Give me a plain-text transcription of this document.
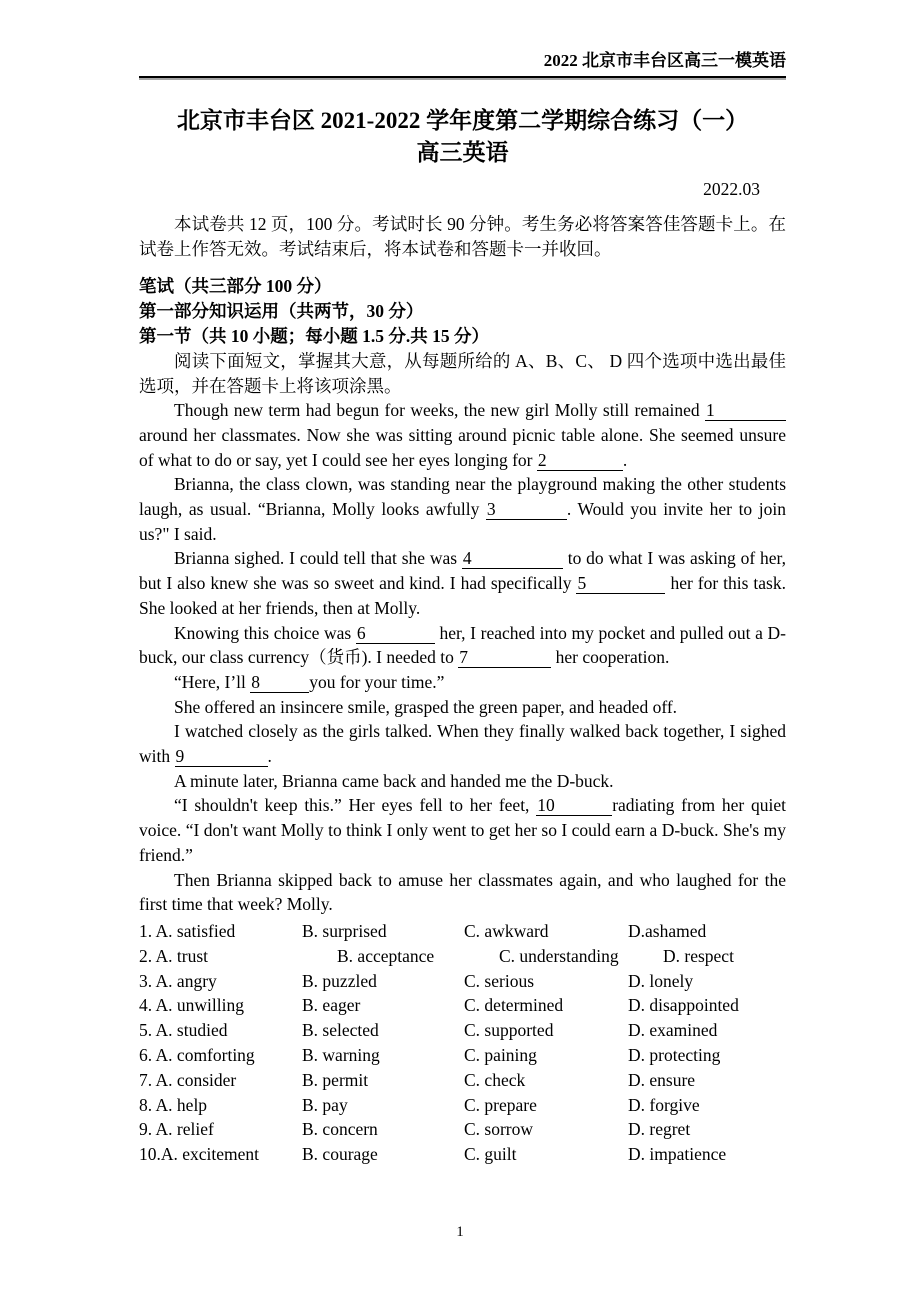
2022 北京市丰台区高三一模英语
北京市丰台区 2021-2022 学年度第二学期综合练习（一）
高三英语
2022.03

本试卷共 12 页，100 分。考试时长 90 分钟。考生务必将答案答佳答题卡上。在试卷上作答无效。考试结束后，将本试卷和答题卡一并收回。

笔试（共三部分 100 分）

第一部分知识运用（共两节，30 分）

第一节（共 10 小题；每小题 1.5 分.共 15 分）

阅读下面短文，掌握其大意，从每题所给的 A、B、C、 D 四个选项中选出最佳选项，并在答题卡上将该项涂黑。

Though new term had begun for weeks, the new girl Molly still remained 1around her classmates. Now she was sitting around picnic table alone. She seemed unsure of what to do or say, yet I could see her eyes longing for 2	.

Brianna, the class clown, was standing near the playground making the other students laugh, as usual. “Brianna, Molly looks awfully 3	. Would you invite her to join us?" I said.

Brianna sighed. I could tell that she was 4	to do what I was asking of her, but I also knew she was so sweet and kind. I had specifically 5	her for this task. She looked at her friends, then at Molly.

Knowing this choice was 6	her, I reached into my pocket and pulled out a D-buck, our class currency（货币). I needed to 7	her cooperation.

“Here, I’ll 8	you for your time.”

She offered an insincere smile, grasped the green paper, and headed off.

I watched closely as the girls talked. When they finally walked back together, I sighed with 9	.

A minute later, Brianna came back and handed me the D-buck.

“I shouldn't keep this.” Her eyes fell to her feet, 10	radiating from her quiet voice. “I don't want Molly to think I only went to get her so I could earn a D-buck. She's my friend.”

Then Brianna skipped back to amuse her classmates again, and who laughed for the first time that week? Molly.

1. A. satisfied	B. surprised	C. awkward	D.ashamed
2. A. trust	B. acceptance	C. understanding	D. respect
3. A. angry	B. puzzled	C. serious	D. lonely
4. A. unwilling	B. eager	C. determined	D. disappointed
5. A. studied	B. selected	C. supported	D. examined
6. A. comforting	B. warning	C. paining	D. protecting
7. A. consider	B. permit	C. check	D. ensure
8. A. help	B. pay	C. prepare	D. forgive
9. A. relief	B. concern	C. sorrow	D. regret
10.A. excitement	B. courage	C. guilt	D. impatience
1
